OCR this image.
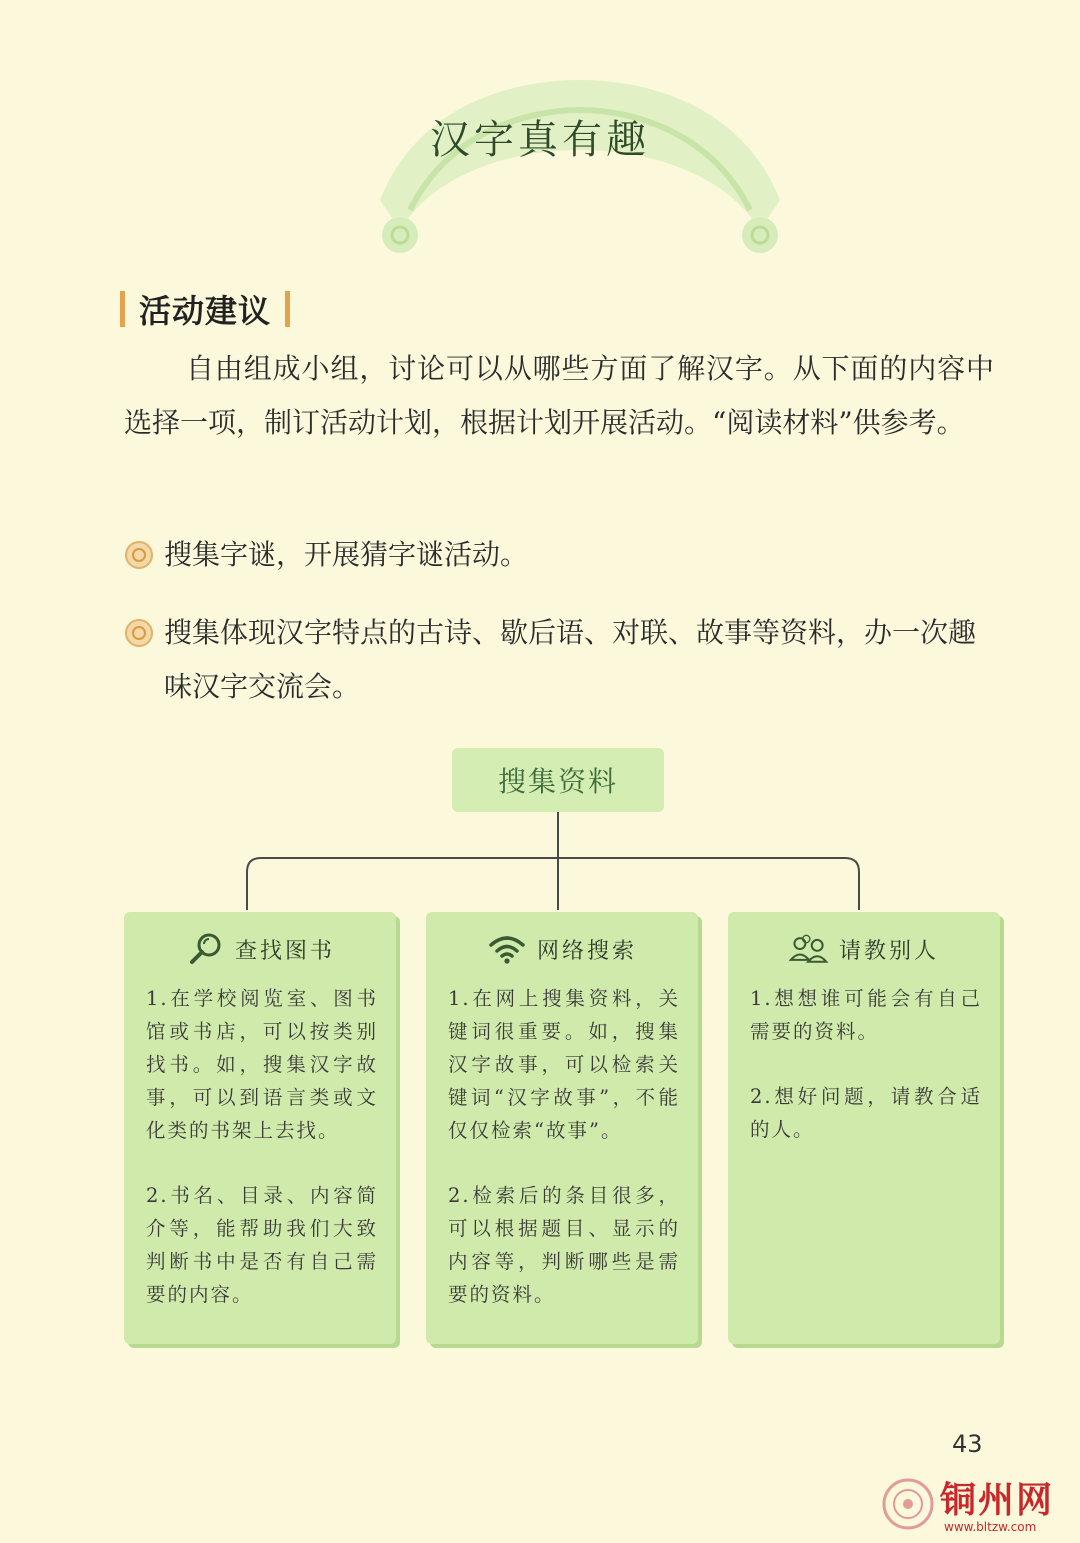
汉字真有趣
活动建议

自由组成小组，讨论可以从哪些方面了解汉字。从下面的内容中选择一项，制订活动计划，根据计划开展活动。“阅读材料”供参考。

搜集字谜，开展猜字谜活动。

搜集体现汉字特点的古诗、歇后语、对联、故事等资料，办一次趣味汉字交流会。

搜集资料
查找图书

1.在学校阅览室、图书馆或书店，可以按类别找书。如，搜集汉字故事，可以到语言类或文化类的书架上去找。

2.书名、目录、内容简介等，能帮助我们大致判断书中是否有自己需要的内容。

网络搜索

1.在网上搜集资料，关键词很重要。如，搜集汉字故事，可以检索关键词“汉字故事”，不能仅仅检索“故事”。

2.检索后的条目很多，可以根据题目、显示的内容等，判断哪些是需要的资料。

请教别人

1.想想谁可能会有自己需要的资料。

2.想好问题，请教合适的人。

43
铜州网
www.bltzw.com
